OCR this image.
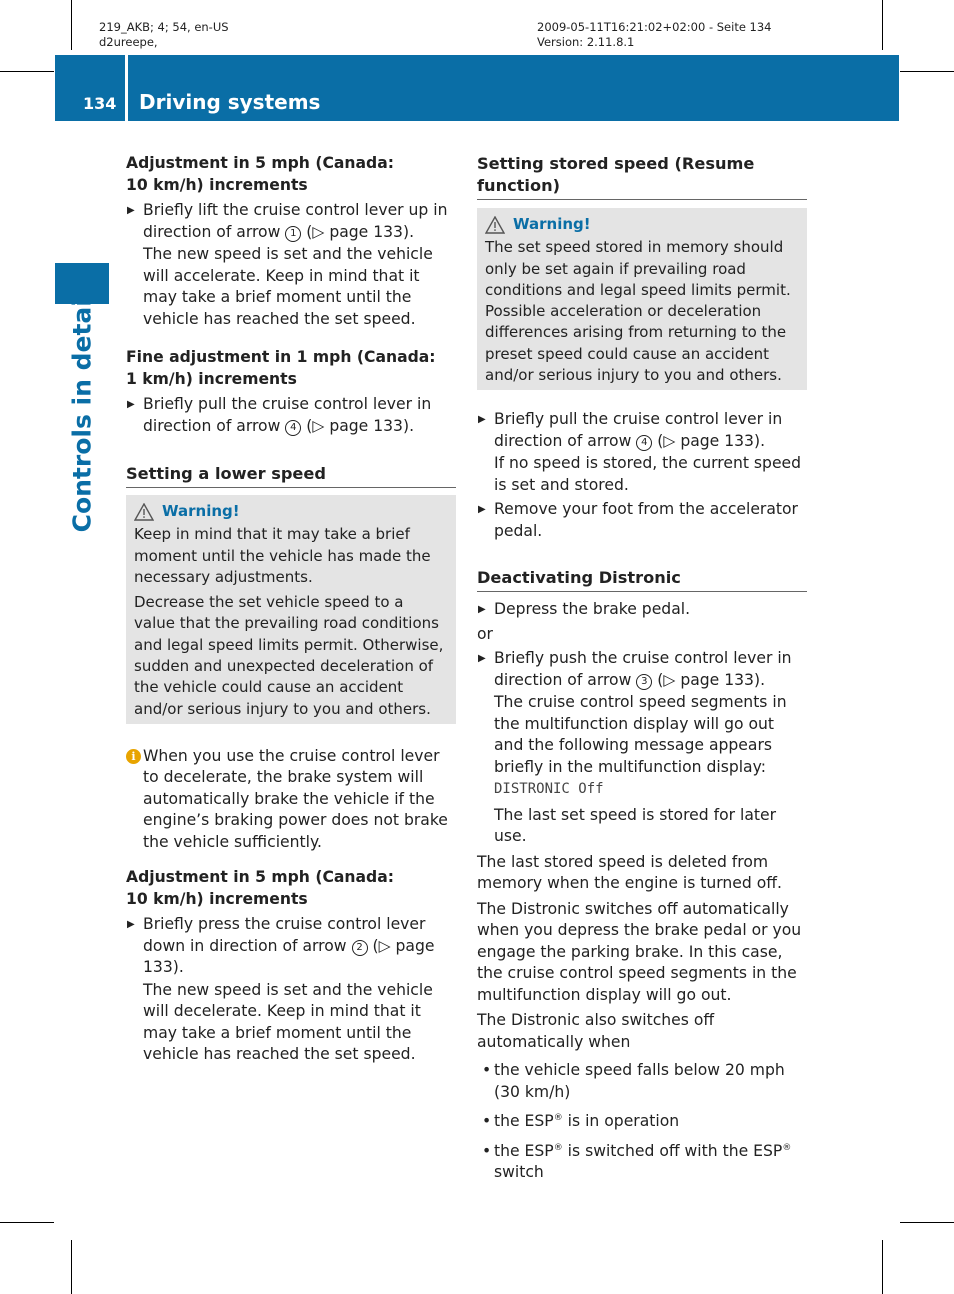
219_AKB; 4; 54, en-US
d2ureepe,
2009-05-11T16:21:02+02:00 - Seite 134
Version: 2.11.8.1
134 Driving systems
Controls in detail
Adjustment in 5 mph (Canada:
10 km/h) increments
▶ Briefly lift the cruise control lever up in direction of arrow 1 (▷ page 133).

The new speed is set and the vehicle will accelerate. Keep in mind that it may take a brief moment until the vehicle has reached the set speed.

Fine adjustment in 1 mph (Canada:
1 km/h) increments
▶ Briefly pull the cruise control lever in direction of arrow 4 (▷ page 133).
Setting a lower speed
Warning!

Keep in mind that it may take a brief moment until the vehicle has made the necessary adjustments.

Decrease the set vehicle speed to a value that the prevailing road conditions and legal speed limits permit. Otherwise, sudden and unexpected deceleration of the vehicle could cause an accident and/or serious injury to you and others.

i When you use the cruise control lever to decelerate, the brake system will automatically brake the vehicle if the engine’s braking power does not brake the vehicle sufficiently.
Adjustment in 5 mph (Canada:
10 km/h) increments
▶ Briefly press the cruise control lever down in direction of arrow 2 (▷ page 133).

The new speed is set and the vehicle will decelerate. Keep in mind that it may take a brief moment until the vehicle has reached the set speed.

Setting stored speed (Resume function)
Warning!

The set speed stored in memory should only be set again if prevailing road conditions and legal speed limits permit. Possible acceleration or deceleration differences arising from returning to the preset speed could cause an accident and/or serious injury to you and others.

▶ Briefly pull the cruise control lever in direction of arrow 4 (▷ page 133).

If no speed is stored, the current speed is set and stored.

▶ Remove your foot from the accelerator pedal.
Deactivating Distronic
▶ Depress the brake pedal.

or

▶ Briefly push the cruise control lever in direction of arrow 3 (▷ page 133).

The cruise control speed segments in the multifunction display will go out and the following message appears briefly in the multifunction display: DISTRONIC Off

The last set speed is stored for later use.

The last stored speed is deleted from memory when the engine is turned off.

The Distronic switches off automatically when you depress the brake pedal or you engage the parking brake. In this case, the cruise control speed segments in the multifunction display will go out.

The Distronic also switches off automatically when

• the vehicle speed falls below 20 mph (30 km/h)
• the ESP® is in operation
• the ESP® is switched off with the ESP® switch
